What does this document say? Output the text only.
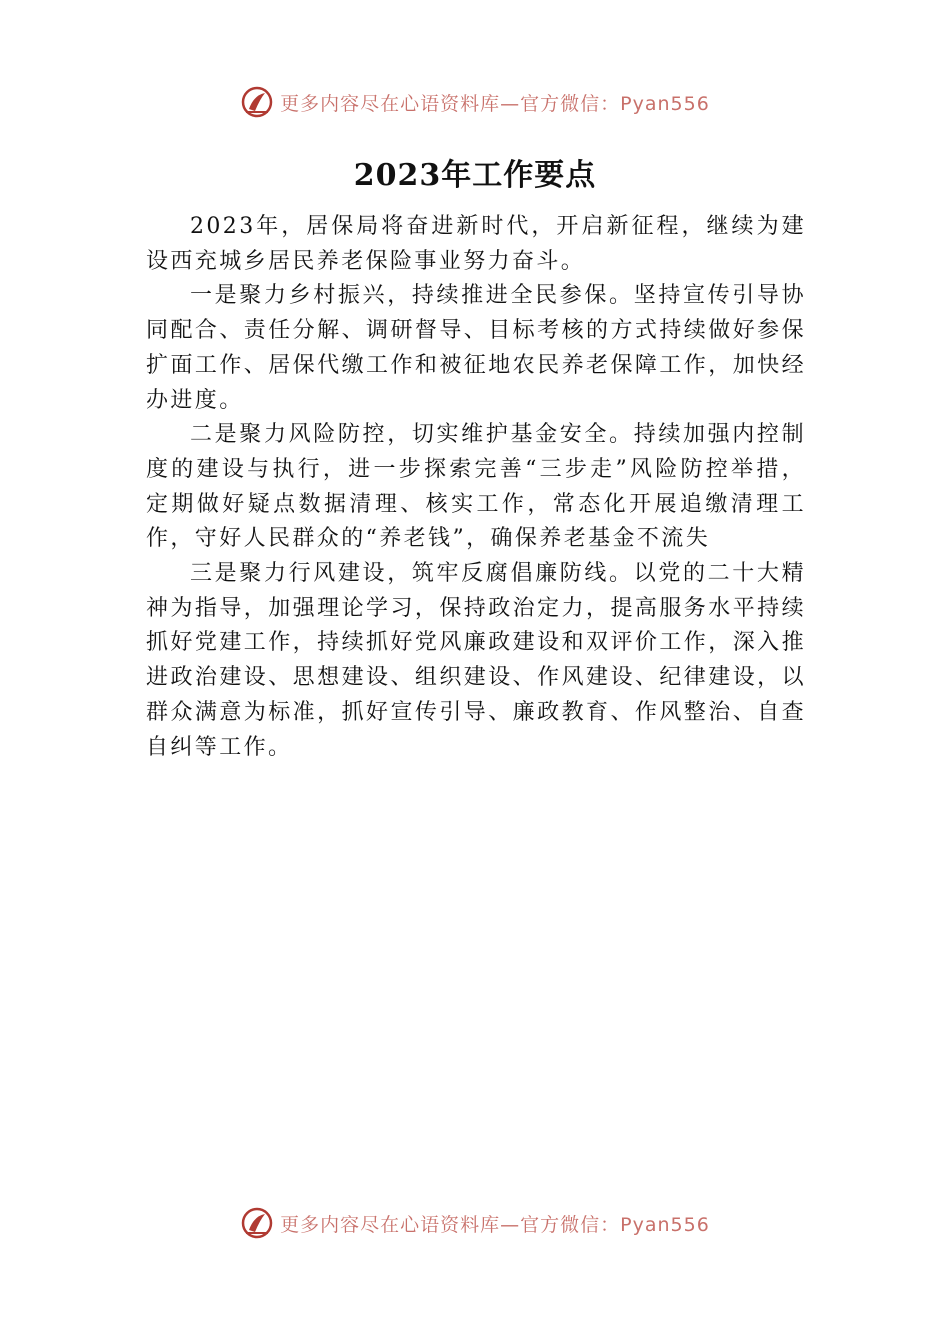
更多内容尽在心语资料库—官方微信：Pyan556
2023年工作要点

2023年，居保局将奋进新时代，开启新征程，继续为建设西充城乡居民养老保险事业努力奋斗。

一是聚力乡村振兴，持续推进全民参保。坚持宣传引导协同配合、责任分解、调研督导、目标考核的方式持续做好参保扩面工作、居保代缴工作和被征地农民养老保障工作，加快经办进度。

二是聚力风险防控，切实维护基金安全。持续加强内控制度的建设与执行，进一步探索完善“三步走”风险防控举措，定期做好疑点数据清理、核实工作，常态化开展追缴清理工作，守好人民群众的“养老钱”，确保养老基金不流失

三是聚力行风建设，筑牢反腐倡廉防线。以党的二十大精神为指导，加强理论学习，保持政治定力，提高服务水平持续抓好党建工作，持续抓好党风廉政建设和双评价工作，深入推进政治建设、思想建设、组织建设、作风建设、纪律建设，以群众满意为标准，抓好宣传引导、廉政教育、作风整治、自查自纠等工作。

更多内容尽在心语资料库—官方微信：Pyan556
